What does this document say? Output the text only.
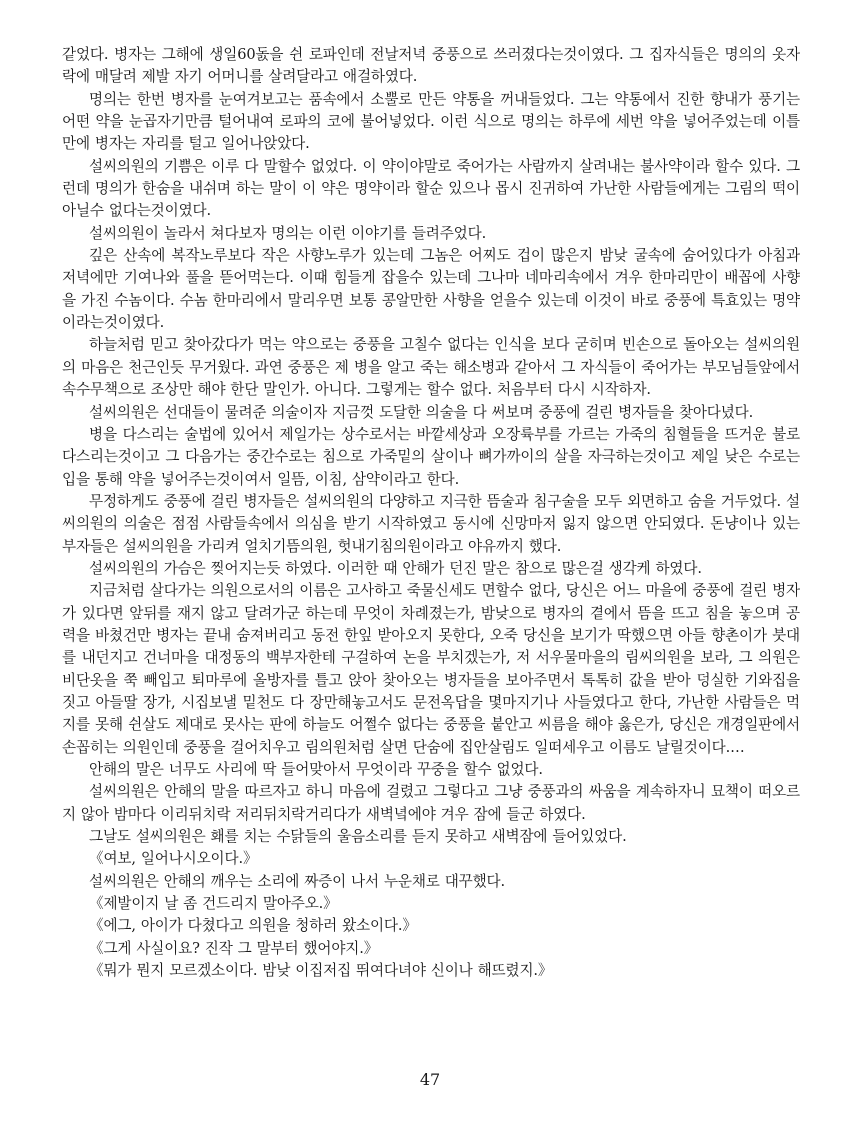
같었다. 병자는 그해에 생일60돐을 쉰 로파인데 전날저녁 중풍으로 쓰러졌다는것이였다. 그 집자식들은 명의의 옷자락에 매달려 제발 자기 어머니를 살려달라고 애걸하였다.

명의는 한번 병자를 눈여겨보고는 품속에서 소뿔로 만든 약통을 꺼내들었다. 그는 약통에서 진한 향내가 풍기는 어떤 약을 눈곱자기만큼 털어내여 로파의 코에 불어넣었다. 이런 식으로 명의는 하루에 세번 약을 넣어주었는데 이틀만에 병자는 자리를 털고 일어나앉았다.

설씨의원의 기쁨은 이루 다 말할수 없었다. 이 약이야말로 죽어가는 사람까지 살려내는 불사약이라 할수 있다. 그런데 명의가 한숨을 내쉬며 하는 말이 이 약은 명약이라 할순 있으나 몹시 진귀하여 가난한 사람들에게는 그림의 떡이 아닐수 없다는것이였다.

설씨의원이 놀라서 쳐다보자 명의는 이런 이야기를 들려주었다.

깊은 산속에 복작노루보다 작은 사향노루가 있는데 그놈은 어찌도 겁이 많은지 밤낮 굴속에 숨어있다가 아침과 저녁에만 기여나와 풀을 뜯어먹는다. 이때 힘들게 잡을수 있는데 그나마 네마리속에서 겨우 한마리만이 배꼽에 사향을 가진 수놈이다. 수놈 한마리에서 말리우면 보통 콩알만한 사향을 얻을수 있는데 이것이 바로 중풍에 특효있는 명약이라는것이였다.

하늘처럼 믿고 찾아갔다가 먹는 약으로는 중풍을 고칠수 없다는 인식을 보다 굳히며 빈손으로 돌아오는 설씨의원의 마음은 천근인듯 무거웠다. 과연 중풍은 제 병을 알고 죽는 해소병과 같아서 그 자식들이 죽어가는 부모님들앞에서 속수무책으로 조상만 해야 한단 말인가. 아니다. 그렇게는 할수 없다. 처음부터 다시 시작하자.

설씨의원은 선대들이 물려준 의술이자 지금껏 도달한 의술을 다 써보며 중풍에 걸린 병자들을 찾아다녔다.

병을 다스리는 술법에 있어서 제일가는 상수로서는 바깥세상과 오장륙부를 가르는 가죽의 침혈들을 뜨거운 불로 다스리는것이고 그 다음가는 중간수로는 침으로 가죽밑의 살이나 뼈가까이의 살을 자극하는것이고 제일 낮은 수로는 입을 통해 약을 넣어주는것이여서 일뜸, 이침, 삼약이라고 한다.

무정하게도 중풍에 걸린 병자들은 설씨의원의 다양하고 지극한 뜸술과 침구술을 모두 외면하고 숨을 거두었다. 설씨의원의 의술은 점점 사람들속에서 의심을 받기 시작하였고 동시에 신망마저 잃지 않으면 안되였다. 돈냥이나 있는 부자들은 설씨의원을 가리켜 얼치기뜸의원, 헛내기침의원이라고 야유까지 했다.

설씨의원의 가슴은 찢어지는듯 하였다. 이러한 때 안해가 던진 말은 참으로 많은걸 생각케 하였다.

지금처럼 살다가는 의원으로서의 이름은 고사하고 죽물신세도 면할수 없다, 당신은 어느 마을에 중풍에 걸린 병자가 있다면 앞뒤를 재지 않고 달려가군 하는데 무엇이 차례졌는가, 밤낮으로 병자의 곁에서 뜸을 뜨고 침을 놓으며 공력을 바쳤건만 병자는 끝내 숨져버리고 동전 한잎 받아오지 못한다, 오죽 당신을 보기가 딱했으면 아들 향촌이가 붓대를 내던지고 건너마을 대정동의 백부자한테 구걸하여 논을 부치겠는가, 저 서우물마을의 림씨의원을 보라, 그 의원은 비단옷을 쭉 빼입고 퇴마루에 올방자를 틀고 앉아 찾아오는 병자들을 보아주면서 톡톡히 값을 받아 덩실한 기와집을 짓고 아들딸 장가, 시집보낼 밑천도 다 장만해놓고서도 문전옥답을 몇마지기나 사들였다고 한다, 가난한 사람들은 먹지를 못해 쉰살도 제대로 못사는 판에 하늘도 어쩔수 없다는 중풍을 붙안고 씨름을 해야 옳은가, 당신은 개경일판에서 손꼽히는 의원인데 중풍을 걸어치우고 림의원처럼 살면 단숨에 집안살림도 일떠세우고 이름도 날릴것이다.…

안해의 말은 너무도 사리에 딱 들어맞아서 무엇이라 꾸중을 할수 없었다.

설씨의원은 안해의 말을 따르자고 하니 마음에 걸렸고 그렇다고 그냥 중풍과의 싸움을 계속하자니 묘책이 떠오르지 않아 밤마다 이리뒤치락 저리뒤치락거리다가 새벽녘에야 겨우 잠에 들군 하였다.

그날도 설씨의원은 홰를 치는 수닭들의 울음소리를 듣지 못하고 새벽잠에 들어있었다.

《여보, 일어나시오이다.》

설씨의원은 안해의 깨우는 소리에 짜증이 나서 누운채로 대꾸했다.

《제발이지 날 좀 건드리지 말아주오.》

《에그, 아이가 다쳤다고 의원을 청하러 왔소이다.》

《그게 사실이요? 진작 그 말부터 했어야지.》

《뭐가 뭔지 모르겠소이다. 밤낮 이집저집 뛰여다녀야 신이나 해뜨렸지.》

47
